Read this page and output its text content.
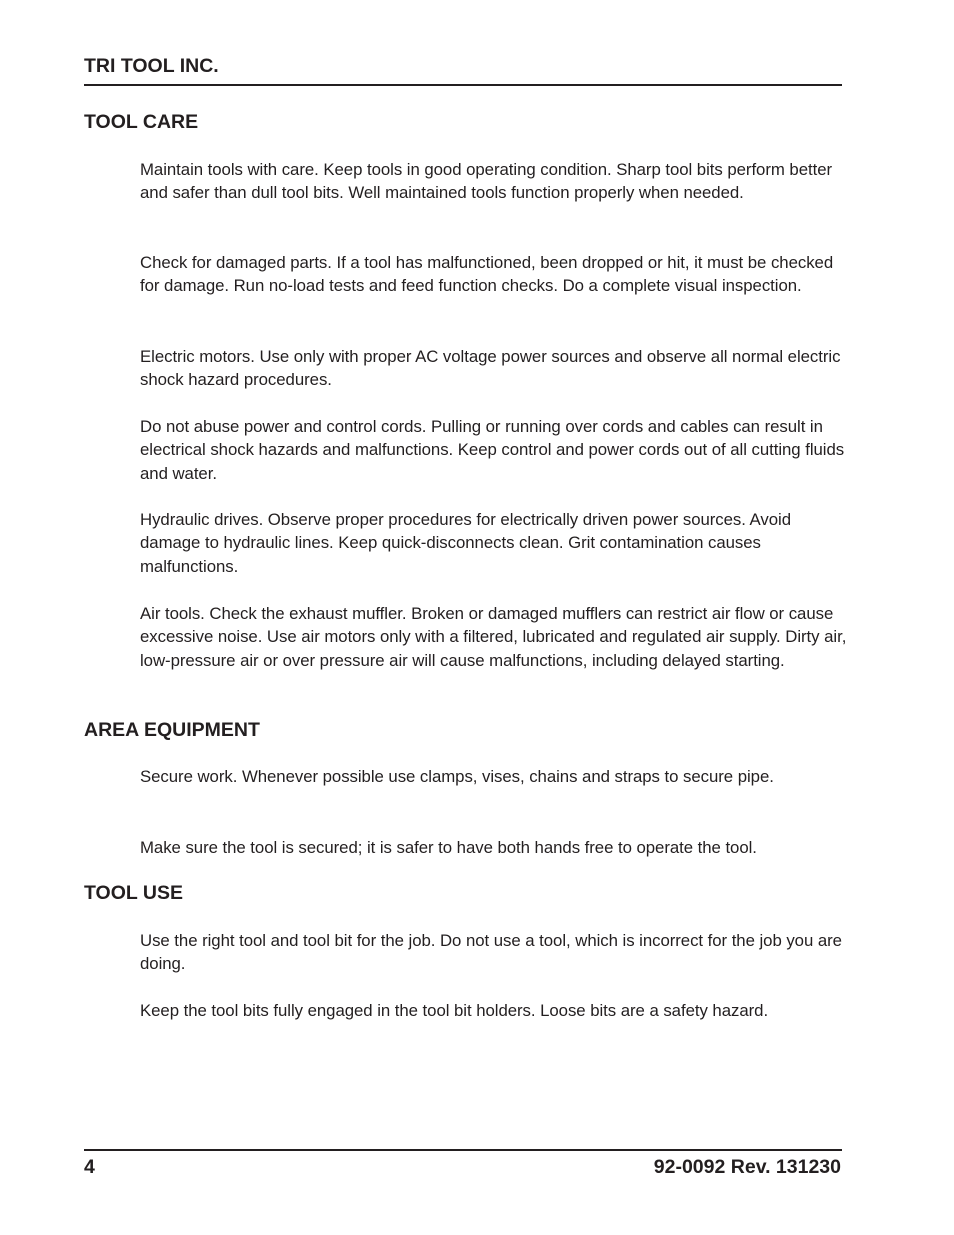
TRI TOOL INC.
TOOL CARE

Maintain tools with care. Keep tools in good operating condition. Sharp tool bits perform better and safer than dull tool bits. Well maintained tools function properly when needed.

Check for damaged parts. If a tool has malfunctioned, been dropped or hit, it must be checked for damage. Run no-load tests and feed function checks. Do a complete visual inspection.

Electric motors. Use only with proper AC voltage power sources and observe all normal electric shock hazard procedures.

Do not abuse power and control cords. Pulling or running over cords and cables can result in electrical shock hazards and malfunctions. Keep control and power cords out of all cutting fluids and water.

Hydraulic drives. Observe proper procedures for electrically driven power sources. Avoid damage to hydraulic lines. Keep quick-disconnects clean. Grit contamination causes malfunctions.

Air tools. Check the exhaust muffler. Broken or damaged mufflers can restrict air flow or cause excessive noise. Use air motors only with a filtered, lubricated and regulated air supply. Dirty air, low-pressure air or over pressure air will cause malfunctions, including delayed starting.

AREA EQUIPMENT

Secure work. Whenever possible use clamps, vises, chains and straps to secure pipe.

Make sure the tool is secured; it is safer to have both hands free to operate the tool.

TOOL USE

Use the right tool and tool bit for the job. Do not use a tool, which is incorrect for the job you are doing.

Keep the tool bits fully engaged in the tool bit holders. Loose bits are a safety hazard.

4	92-0092 Rev. 131230
